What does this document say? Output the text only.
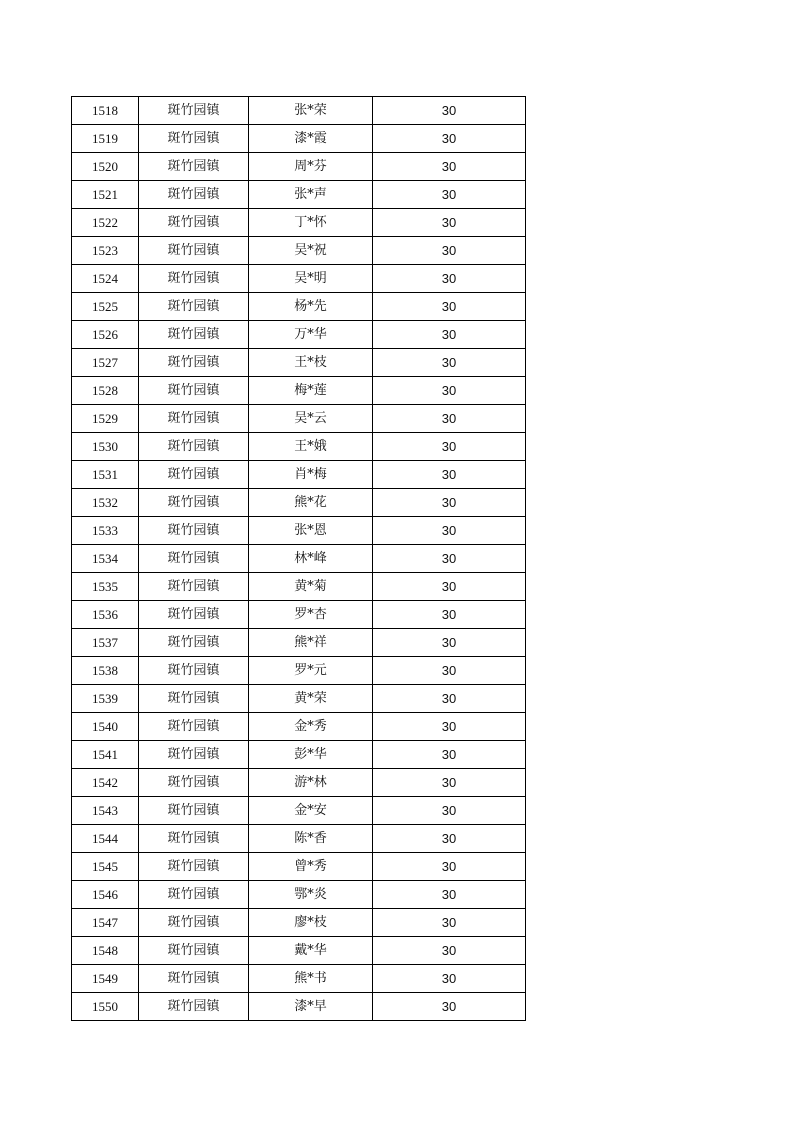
1518	斑竹园镇	张*荣	30
1519	斑竹园镇	漆*霞	30
1520	斑竹园镇	周*芬	30
1521	斑竹园镇	张*声	30
1522	斑竹园镇	丁*怀	30
1523	斑竹园镇	吴*祝	30
1524	斑竹园镇	吴*明	30
1525	斑竹园镇	杨*先	30
1526	斑竹园镇	万*华	30
1527	斑竹园镇	王*枝	30
1528	斑竹园镇	梅*莲	30
1529	斑竹园镇	吴*云	30
1530	斑竹园镇	王*娥	30
1531	斑竹园镇	肖*梅	30
1532	斑竹园镇	熊*花	30
1533	斑竹园镇	张*恩	30
1534	斑竹园镇	林*峰	30
1535	斑竹园镇	黄*菊	30
1536	斑竹园镇	罗*杏	30
1537	斑竹园镇	熊*祥	30
1538	斑竹园镇	罗*元	30
1539	斑竹园镇	黄*荣	30
1540	斑竹园镇	金*秀	30
1541	斑竹园镇	彭*华	30
1542	斑竹园镇	游*林	30
1543	斑竹园镇	金*安	30
1544	斑竹园镇	陈*香	30
1545	斑竹园镇	曾*秀	30
1546	斑竹园镇	鄂*炎	30
1547	斑竹园镇	廖*枝	30
1548	斑竹园镇	戴*华	30
1549	斑竹园镇	熊*书	30
1550	斑竹园镇	漆*早	30
